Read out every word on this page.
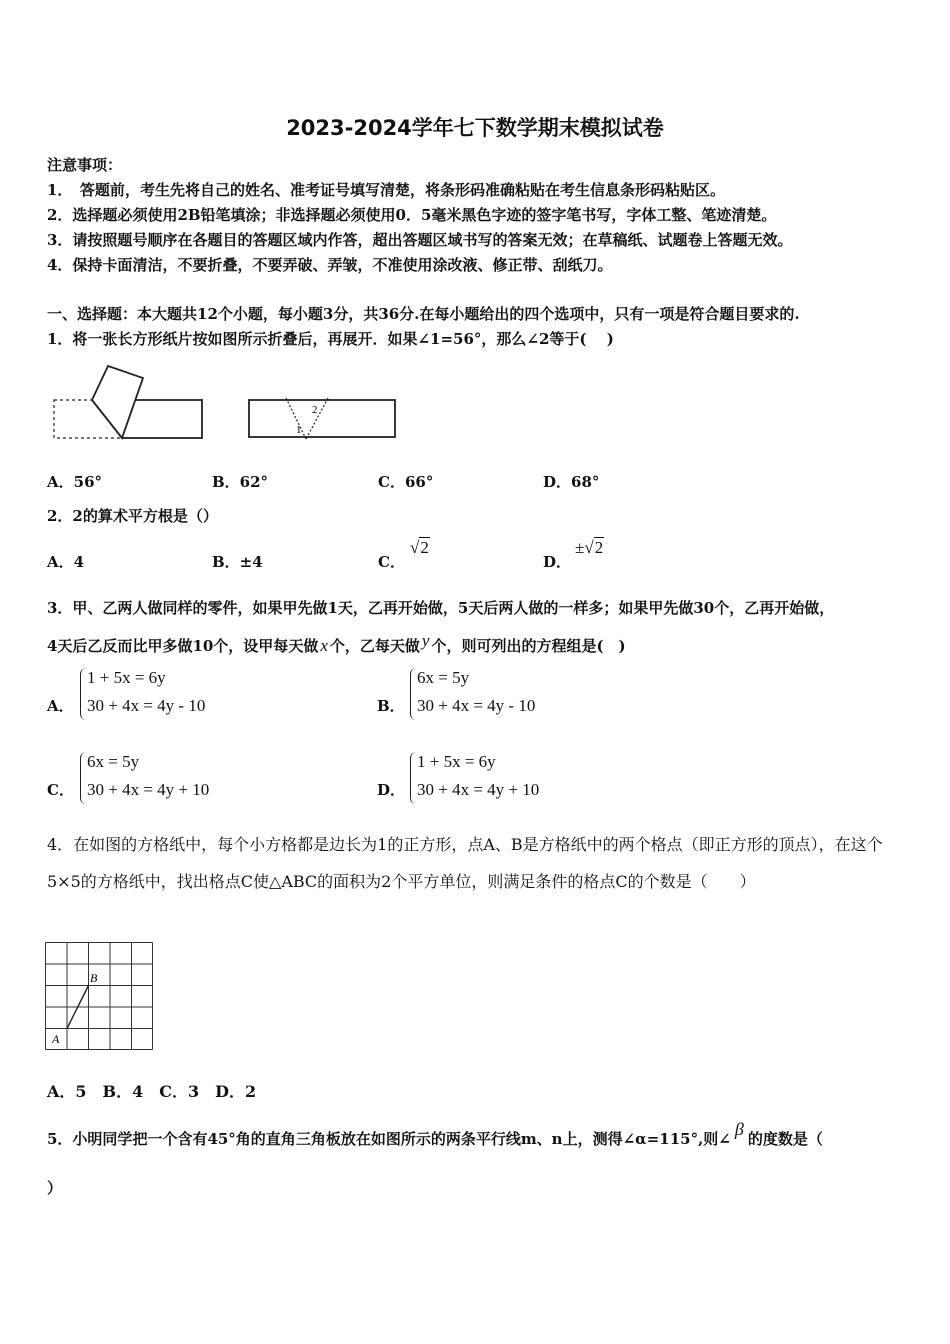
2023-2024学年七下数学期末模拟试卷
注意事项：
1．　答题前，考生先将自己的姓名、准考证号填写清楚，将条形码准确粘贴在考生信息条形码粘贴区。
2．选择题必须使用2B铅笔填涂；非选择题必须使用0．5毫米黑色字迹的签字笔书写，字体工整、笔迹清楚。
3．请按照题号顺序在各题目的答题区域内作答，超出答题区域书写的答案无效；在草稿纸、试题卷上答题无效。
4．保持卡面清洁，不要折叠，不要弄破、弄皱，不准使用涂改液、修正带、刮纸刀。
一、选择题：本大题共12个小题，每小题3分，共36分.在每小题给出的四个选项中，只有一项是符合题目要求的.
1．将一张长方形纸片按如图所示折叠后，再展开．如果∠1=56°，那么∠2等于(　 )
2
1
A．56°	B．62°	C．66°	D．68°
2．2的算术平方根是（）
A．4	B．±4	C．
√2
D．
±√2
3．甲、乙两人做同样的零件，如果甲先做1天，乙再开始做，5天后两人做的一样多；如果甲先做30个，乙再开始做，
4天后乙反而比甲多做10个，设甲每天做 x 个，乙每天做 y 个，则可列出的方程组是(　)
A．
1 + 5x = 6y
30 + 4x = 4y - 10	B．
6x = 5y
30 + 4x = 4y - 10
C．
6x = 5y
30 + 4x = 4y + 10	D．
1 + 5x = 6y
30 + 4x = 4y + 10
4．在如图的方格纸中，每个小方格都是边长为1的正方形，点A、B是方格纸中的两个格点（即正方形的顶点），在这个5×5的方格纸中，找出格点C使△ABC的面积为2个平方单位，则满足条件的格点C的个数是（　　）
A
B
A．5　B．4　C．3　D．2
5．小明同学把一个含有45°角的直角三角板放在如图所示的两条平行线m、n上，测得∠α=115°,则∠ β 的度数是（
）
